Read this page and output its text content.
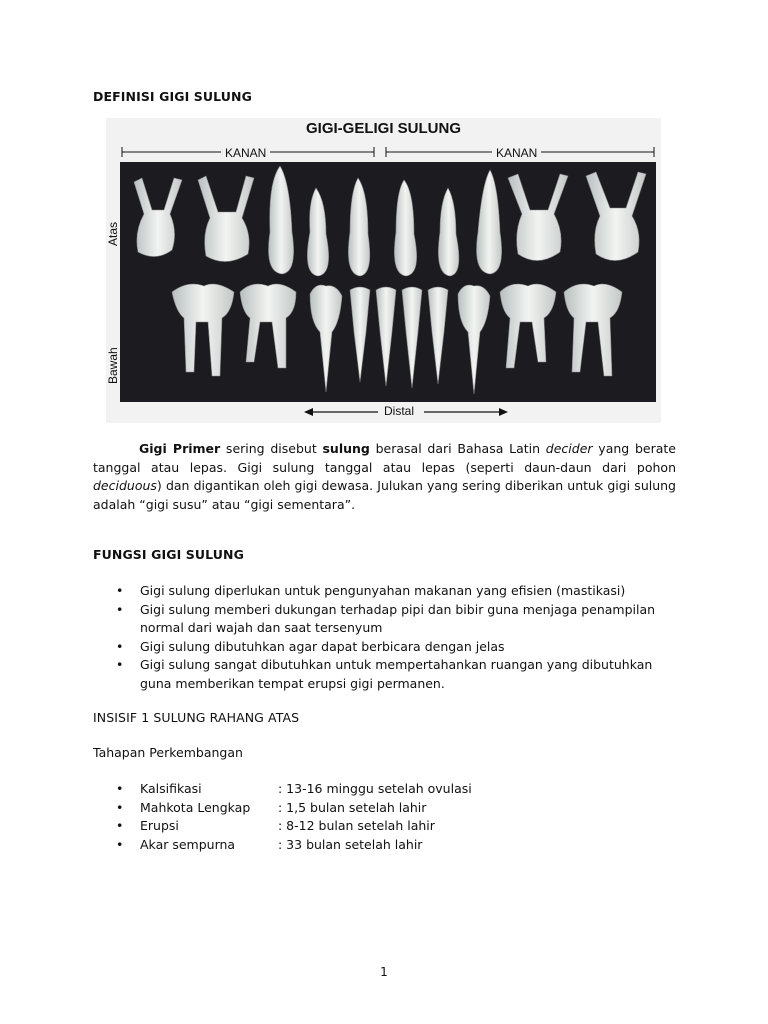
DEFINISI GIGI SULUNG
GIGI-GELIGI SULUNG
KANAN	KANAN
Atas
Bawah
Distal
Gigi Primer sering disebut sulung berasal dari Bahasa Latin decider yang berate tanggal atau lepas. Gigi sulung tanggal atau lepas (seperti daun-daun dari pohon deciduous) dan digantikan oleh gigi dewasa. Julukan yang sering diberikan untuk gigi sulung adalah “gigi susu” atau “gigi sementara”.
FUNGSI GIGI SULUNG
• Gigi sulung diperlukan untuk pengunyahan makanan yang efisien (mastikasi)
• Gigi sulung memberi dukungan terhadap pipi dan bibir guna menjaga penampilan normal dari wajah dan saat tersenyum
• Gigi sulung dibutuhkan agar dapat berbicara dengan jelas
• Gigi sulung sangat dibutuhkan untuk mempertahankan ruangan yang dibutuhkan guna memberikan tempat erupsi gigi permanen.
INSISIF 1 SULUNG RAHANG ATAS
Tahapan Perkembangan
• Kalsifikasi	: 13-16 minggu setelah ovulasi
• Mahkota Lengkap : 1,5 bulan setelah lahir
• Erupsi	: 8-12 bulan setelah lahir
• Akar sempurna	: 33 bulan setelah lahir
1
